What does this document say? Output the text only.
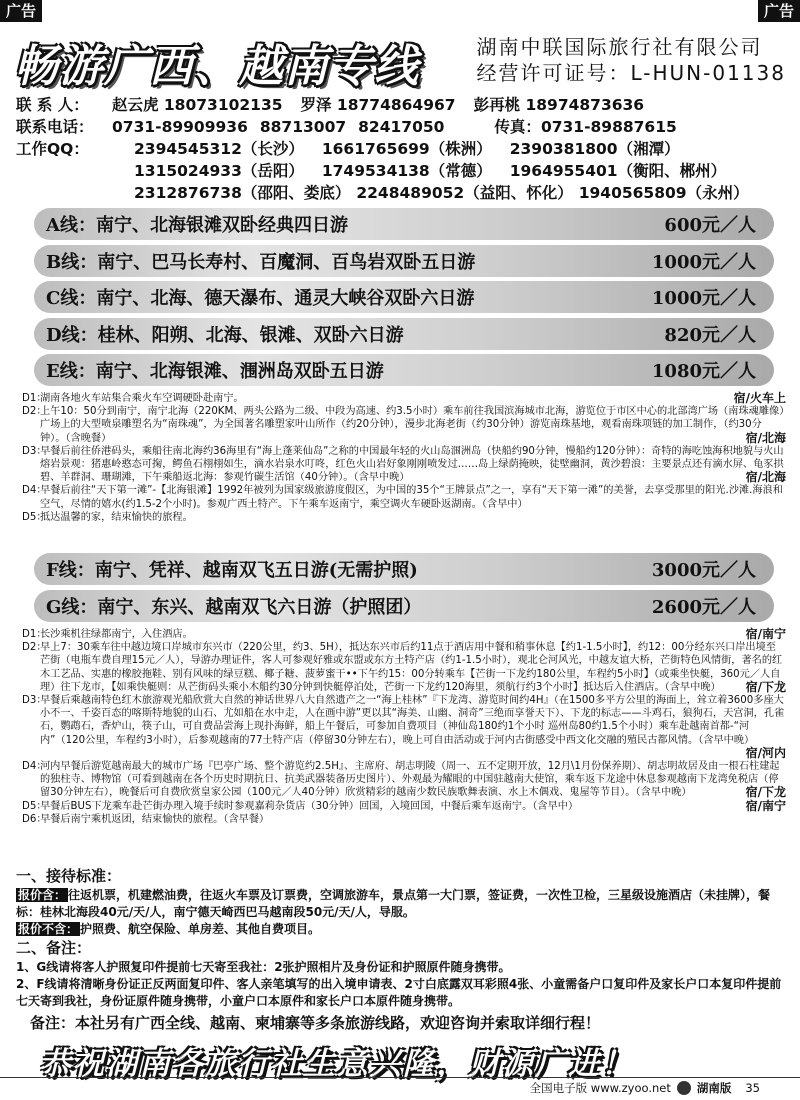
广告	广告
畅游广西、越南专线	湖南中联国际旅行社有限公司
经营许可证号：L-HUN-01138
联 系 人： 赵云虎 18073102135 罗泽 18774864967 彭再桃 18974873636
联系电话： 0731-89909936 88713007 82417050	传真：0731-89887615
工作QQ：	2394545312（长沙） 1661765699（株洲） 2390381800（湘潭）
1315024933（岳阳） 1749534138（常德） 1964955401（衡阳、郴州）
2312876738（邵阳、娄底） 2248489052（益阳、怀化） 1940565809（永州）
A线：南宁、北海银滩双卧经典四日游	600元／人
B线：南宁、巴马长寿村、百魔洞、百鸟岩双卧五日游	1000元／人
C线：南宁、北海、德天瀑布、通灵大峡谷双卧六日游	1000元／人
D线：桂林、阳朔、北海、银滩、双卧六日游	820元／人
E线：南宁、北海银滩、涠洲岛双卧五日游	1080元／人
D1：	宿/火车上
湖南各地火车站集合乘火车空调硬卧赴南宁。
D2：
上午10：50分到南宁，南宁北海（220KM、两头公路为二级、中段为高速、约3.5小时）乘车前往我国滨海城市北海，游览位于市区中心的北部湾广场（南珠魂雕像）广场上的大型喷泉雕塑名为“南珠魂”，为全国著名雕塑家叶山所作（约20分钟），漫步北海老街（约30分钟）游览南珠基地，观看南珠项链的加工制作，（约30分钟）。（含晚餐）	宿/北海
D3：
早餐后前往侨港码头，乘船往南北海约36海里有“海上蓬莱仙岛”之称的中国最年轻的火山岛涠洲岛（快船约90分钟，慢船约120分钟）：奇特的海吃蚀海积地貌与火山熔岩景观：猪惠岭憨态可掬，鳄鱼石栩栩如生，滴水岩泉水叮咚，红色火山岩好象刚刚喷发过……岛上绿荫掩映，徒壁幽洞，黄沙碧浪：主要景点还有滴水屏、龟豕拱碧、羊群洞、珊瑚滩，下午乘船返北海：参观竹碳生活馆（40分钟）。（含早中晚）	宿/北海
D4：
早餐后前往“天下第一滩”-【北海银滩】1992年被列为国家级旅游度假区，为中国的35个“王牌景点”之一，享有“天下第一滩”的美誉，去享受那里的阳光.沙滩.海浪和空气，尽情的嬉水(约1.5-2个小时)。参观广西土特产。下午乘车返南宁，乘空调火车硬卧返湖南。（含早中）
D5：
抵达温馨的家，结束愉快的旅程。
F线：南宁、凭祥、越南双飞五日游(无需护照)	3000元／人
G线：南宁、东兴、越南双飞六日游（护照团）	2600元／人
D1：	宿/南宁
长沙乘机往绿都南宁，入住酒店。
D2：
早上7：30乘车往中越边境口岸城市东兴市（220公里，约3、5H），抵达东兴市后约11点于酒店用中餐和稍事休息【约1-1.5小时】，约12：00分经东兴口岸出境至芒街（电瓶车费自理15元／人），导游办理证件，客人可参观好雅或东盟或东方土特产店（约1-1.5小时），观北仑河风光，中越友谊大桥，芒街特色风情街，著名的红木工艺品、实惠的橡胶拖鞋、别有风味的绿豆糕、椰子糖、菠萝蜜干••下午约15：00分转乘车【芒街一下龙约180公里，车程约5小时】（或乘坐快艇，360元／人自理）往下龙市，【如乘快艇则：从芒街码头乘小木船约30分钟到快艇停泊处，芒街一下龙约120海里，须航行约3个小时】抵达后入住酒店。（含早中晚）	宿/下龙
D3：
早餐后乘越南特色红木旅游观光船欣赏大自然的神话世界八大自然遗产之一“海上桂林”『下龙湾、游览时间约4H』（在1500多平方公里的海面上，耸立着3600多座大小不一、千姿百态的喀斯特地貌的山石、尤如船在水中走，人在画中游”更以其“海美、山幽、洞奇”三绝而享誉天下）、下龙的标志——斗鸡石，狼狗石，天宫洞，孔雀石，鹦鹉石，香炉山，筷子山，可自费品尝海上现扑海鲜，船上午餐后，可参加自费项目（神仙岛180约1个小时 巡州岛80约1.5个小时）乘车赴越南首都-“河内”（120公里，车程约3小时），后参观越南的77土特产店（停留30分钟左右），晚上可自由活动或于河内古街感受中西文化交融的殖民古都风情。（含早中晚）
宿/河内
D4：
河内早餐后游览越南最大的城市广场『巴亭广场、整个游览约2.5H』、主席府、胡志明陵（周一、五不定期开放，12月\1月份保养期）、胡志明故居及由一根石柱建起的独柱寺、博物馆（可看到越南在各个历史时期抗日、抗美武器装备历史图片）、外观最为耀眼的中国驻越南大使馆，乘车返下龙途中休息参观越南下龙湾免税店（停留30分钟左右），晚餐后可自费欣赏皇家公园（100元／人40分钟）欣赏精彩的越南少数民族歌舞表演、水上木偶戏、鬼屋等节目）。（含早中晚）	宿/下龙
D5：	宿/南宁
早餐后BUS下龙乘车赴芒街办理入境手续时参观嘉莉杂货店（30分钟）回国，入境回国，中餐后乘车返南宁。（含早中）
D6：
早餐后南宁乘机返团，结束愉快的旅程。（含早餐）
一、接待标准：
报价含： 往返机票，机建燃油费，往返火车票及订票费，空调旅游车，景点第一大门票，签证费，一次性卫检，三星级设施酒店（未挂牌），餐标：桂林北海段40元/天/人，南宁德天崎西巴马越南段50元/天/人，导服。
报价不含： 护照费、航空保险、单房差、其他自费项目。
二、备注：
1、G线请将客人护照复印件提前七天寄至我社：2张护照相片及身份证和护照原件随身携带。
2、F线请将清晰身份证正反两面复印件、客人亲笔填写的出入境申请表、2寸白底露双耳彩照4张、小童需备户口复印件及家长户口本复印件提前七天寄到我社，身份证原件随身携带，小童户口本原件和家长户口本原件随身携带。
备注：本社另有广西全线、越南、柬埔寨等多条旅游线路，欢迎咨询并索取详细行程！
恭祝湖南各旅行社生意兴隆，财源广进！
全国电子版 www.zyoo.net 湖南版 35
